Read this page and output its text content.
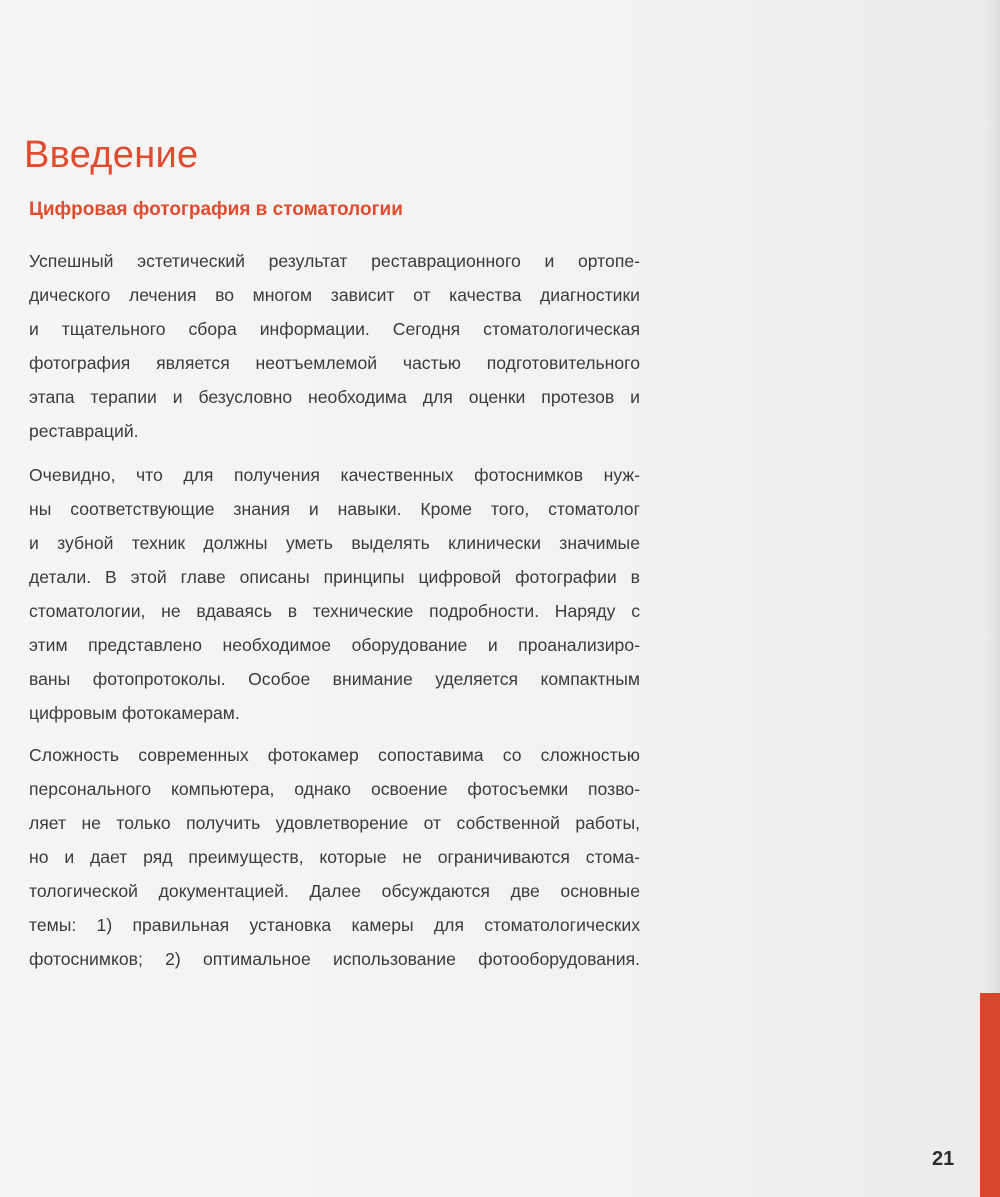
Введение
Цифровая фотография в стоматологии

Успешный эстетический результат реставрационного и ортопе-
дического лечения во многом зависит от качества диагностики
и тщательного сбора информации. Сегодня стоматологическая
фотография является неотъемлемой частью подготовительного
этапа терапии и безусловно необходима для оценки протезов и
реставраций.

Очевидно, что для получения качественных фотоснимков нуж-
ны соответствующие знания и навыки. Кроме того, стоматолог
и зубной техник должны уметь выделять клинически значимые
детали. В этой главе описаны принципы цифровой фотографии в
стоматологии, не вдаваясь в технические подробности. Наряду с
этим представлено необходимое оборудование и проанализиро-
ваны фотопротоколы. Особое внимание уделяется компактным
цифровым фотокамерам.

Сложность современных фотокамер сопоставима со сложностью
персонального компьютера, однако освоение фотосъемки позво-
ляет не только получить удовлетворение от собственной работы,
но и дает ряд преимуществ, которые не ограничиваются стома-
тологической документацией. Далее обсуждаются две основные
темы: 1) правильная установка камеры для стоматологических
фотоснимков; 2) оптимальное использование фотооборудования.

21
